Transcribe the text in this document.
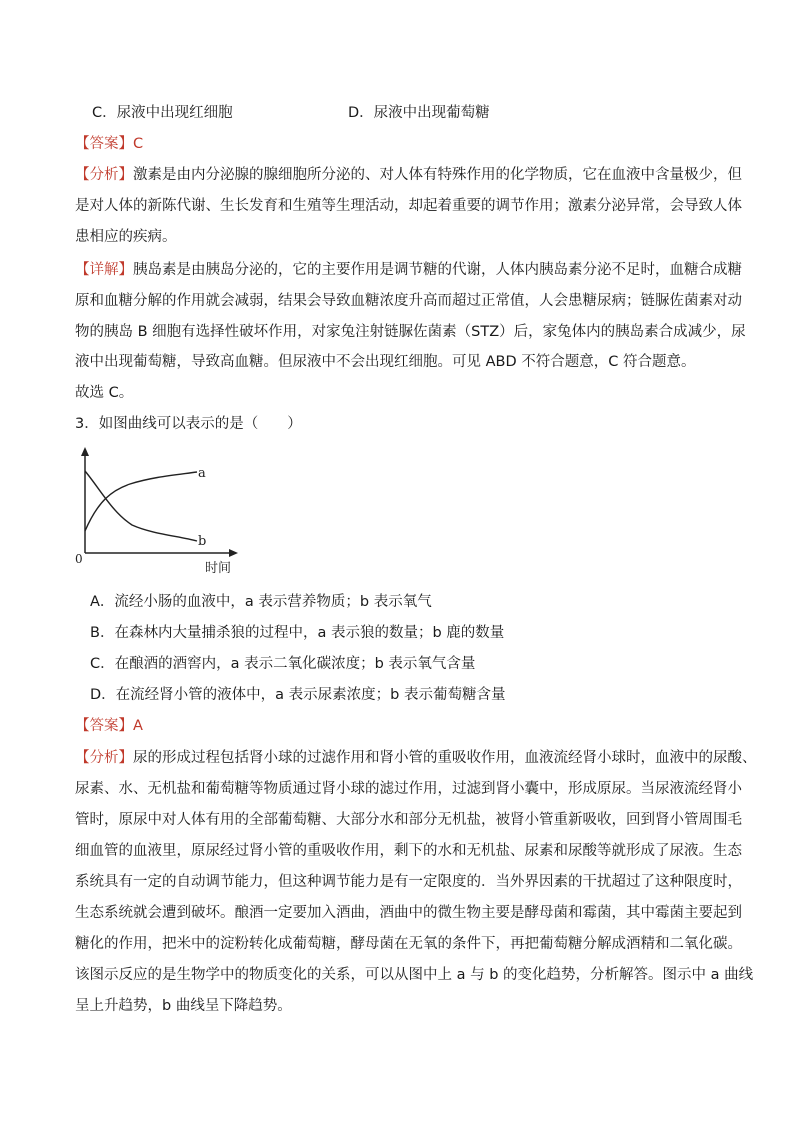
C．尿液中出现红细胞	D．尿液中出现葡萄糖
【答案】C
【分析】激素是由内分泌腺的腺细胞所分泌的、对人体有特殊作用的化学物质，它在血液中含量极少，但
是对人体的新陈代谢、生长发育和生殖等生理活动，却起着重要的调节作用；激素分泌异常，会导致人体
患相应的疾病。
【详解】胰岛素是由胰岛分泌的，它的主要作用是调节糖的代谢，人体内胰岛素分泌不足时，血糖合成糖
原和血糖分解的作用就会减弱，结果会导致血糖浓度升高而超过正常值，人会患糖尿病；链脲佐菌素对动
物的胰岛 B 细胞有选择性破坏作用，对家兔注射链脲佐菌素（STZ）后，家兔体内的胰岛素合成减少，尿
液中出现葡萄糖，导致高血糖。但尿液中不会出现红细胞。可见 ABD 不符合题意，C 符合题意。
故选 C。
3．如图曲线可以表示的是（　　）
a
b
0
时间
A．流经小肠的血液中，a 表示营养物质；b 表示氧气
B．在森林内大量捕杀狼的过程中，a 表示狼的数量；b 鹿的数量
C．在酿酒的酒窖内，a 表示二氧化碳浓度；b 表示氧气含量
D．在流经肾小管的液体中，a 表示尿素浓度；b 表示葡萄糖含量
【答案】A
【分析】尿的形成过程包括肾小球的过滤作用和肾小管的重吸收作用，血液流经肾小球时，血液中的尿酸、
尿素、水、无机盐和葡萄糖等物质通过肾小球的滤过作用，过滤到肾小囊中，形成原尿。当尿液流经肾小
管时，原尿中对人体有用的全部葡萄糖、大部分水和部分无机盐，被肾小管重新吸收，回到肾小管周围毛
细血管的血液里，原尿经过肾小管的重吸收作用，剩下的水和无机盐、尿素和尿酸等就形成了尿液。生态
系统具有一定的自动调节能力，但这种调节能力是有一定限度的．当外界因素的干扰超过了这种限度时，
生态系统就会遭到破坏。酿酒一定要加入酒曲，酒曲中的微生物主要是酵母菌和霉菌，其中霉菌主要起到
糖化的作用，把米中的淀粉转化成葡萄糖，酵母菌在无氧的条件下，再把葡萄糖分解成酒精和二氧化碳。
该图示反应的是生物学中的物质变化的关系，可以从图中上 a 与 b 的变化趋势，分析解答。图示中 a 曲线
呈上升趋势，b 曲线呈下降趋势。
